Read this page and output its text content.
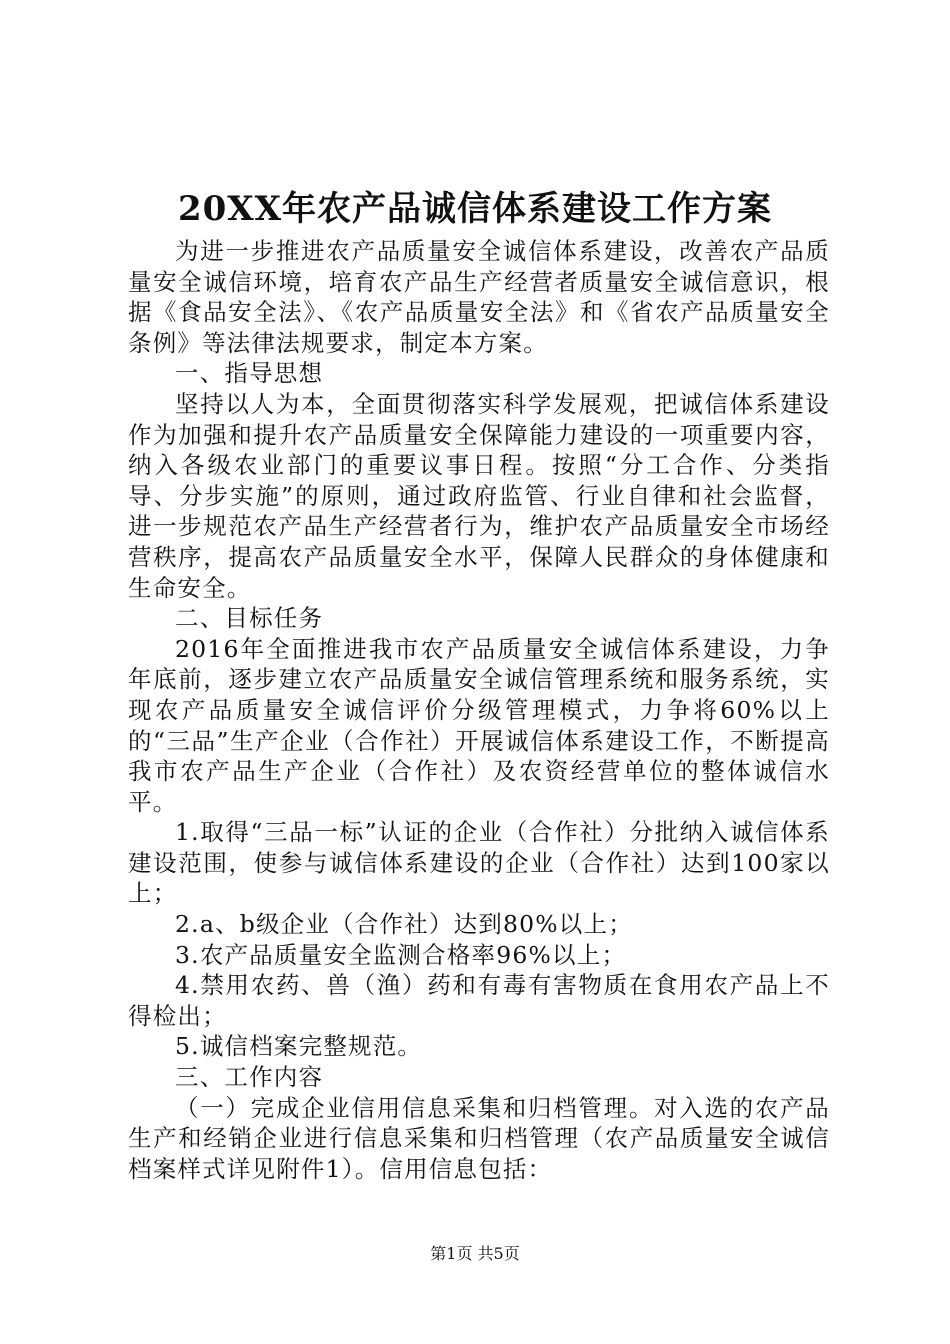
20XX年农产品诚信体系建设工作方案

为进一步推进农产品质量安全诚信体系建设，改善农产品质量安全诚信环境，培育农产品生产经营者质量安全诚信意识，根据《食品安全法》、《农产品质量安全法》和《省农产品质量安全条例》等法律法规要求，制定本方案。

一、指导思想

坚持以人为本，全面贯彻落实科学发展观，把诚信体系建设作为加强和提升农产品质量安全保障能力建设的一项重要内容，纳入各级农业部门的重要议事日程。按照“分工合作、分类指导、分步实施”的原则，通过政府监管、行业自律和社会监督，进一步规范农产品生产经营者行为，维护农产品质量安全市场经营秩序，提高农产品质量安全水平，保障人民群众的身体健康和生命安全。

二、目标任务

2016年全面推进我市农产品质量安全诚信体系建设，力争年底前，逐步建立农产品质量安全诚信管理系统和服务系统，实现农产品质量安全诚信评价分级管理模式，力争将60%以上的“三品”生产企业（合作社）开展诚信体系建设工作，不断提高我市农产品生产企业（合作社）及农资经营单位的整体诚信水平。

1.取得“三品一标”认证的企业（合作社）分批纳入诚信体系建设范围，使参与诚信体系建设的企业（合作社）达到100家以上；

2.a、b级企业（合作社）达到80%以上；

3.农产品质量安全监测合格率96%以上；

4.禁用农药、兽（渔）药和有毒有害物质在食用农产品上不得检出；

5.诚信档案完整规范。

三、工作内容

（一）完成企业信用信息采集和归档管理。对入选的农产品生产和经销企业进行信息采集和归档管理（农产品质量安全诚信档案样式详见附件1）。信用信息包括：

第1页 共5页
